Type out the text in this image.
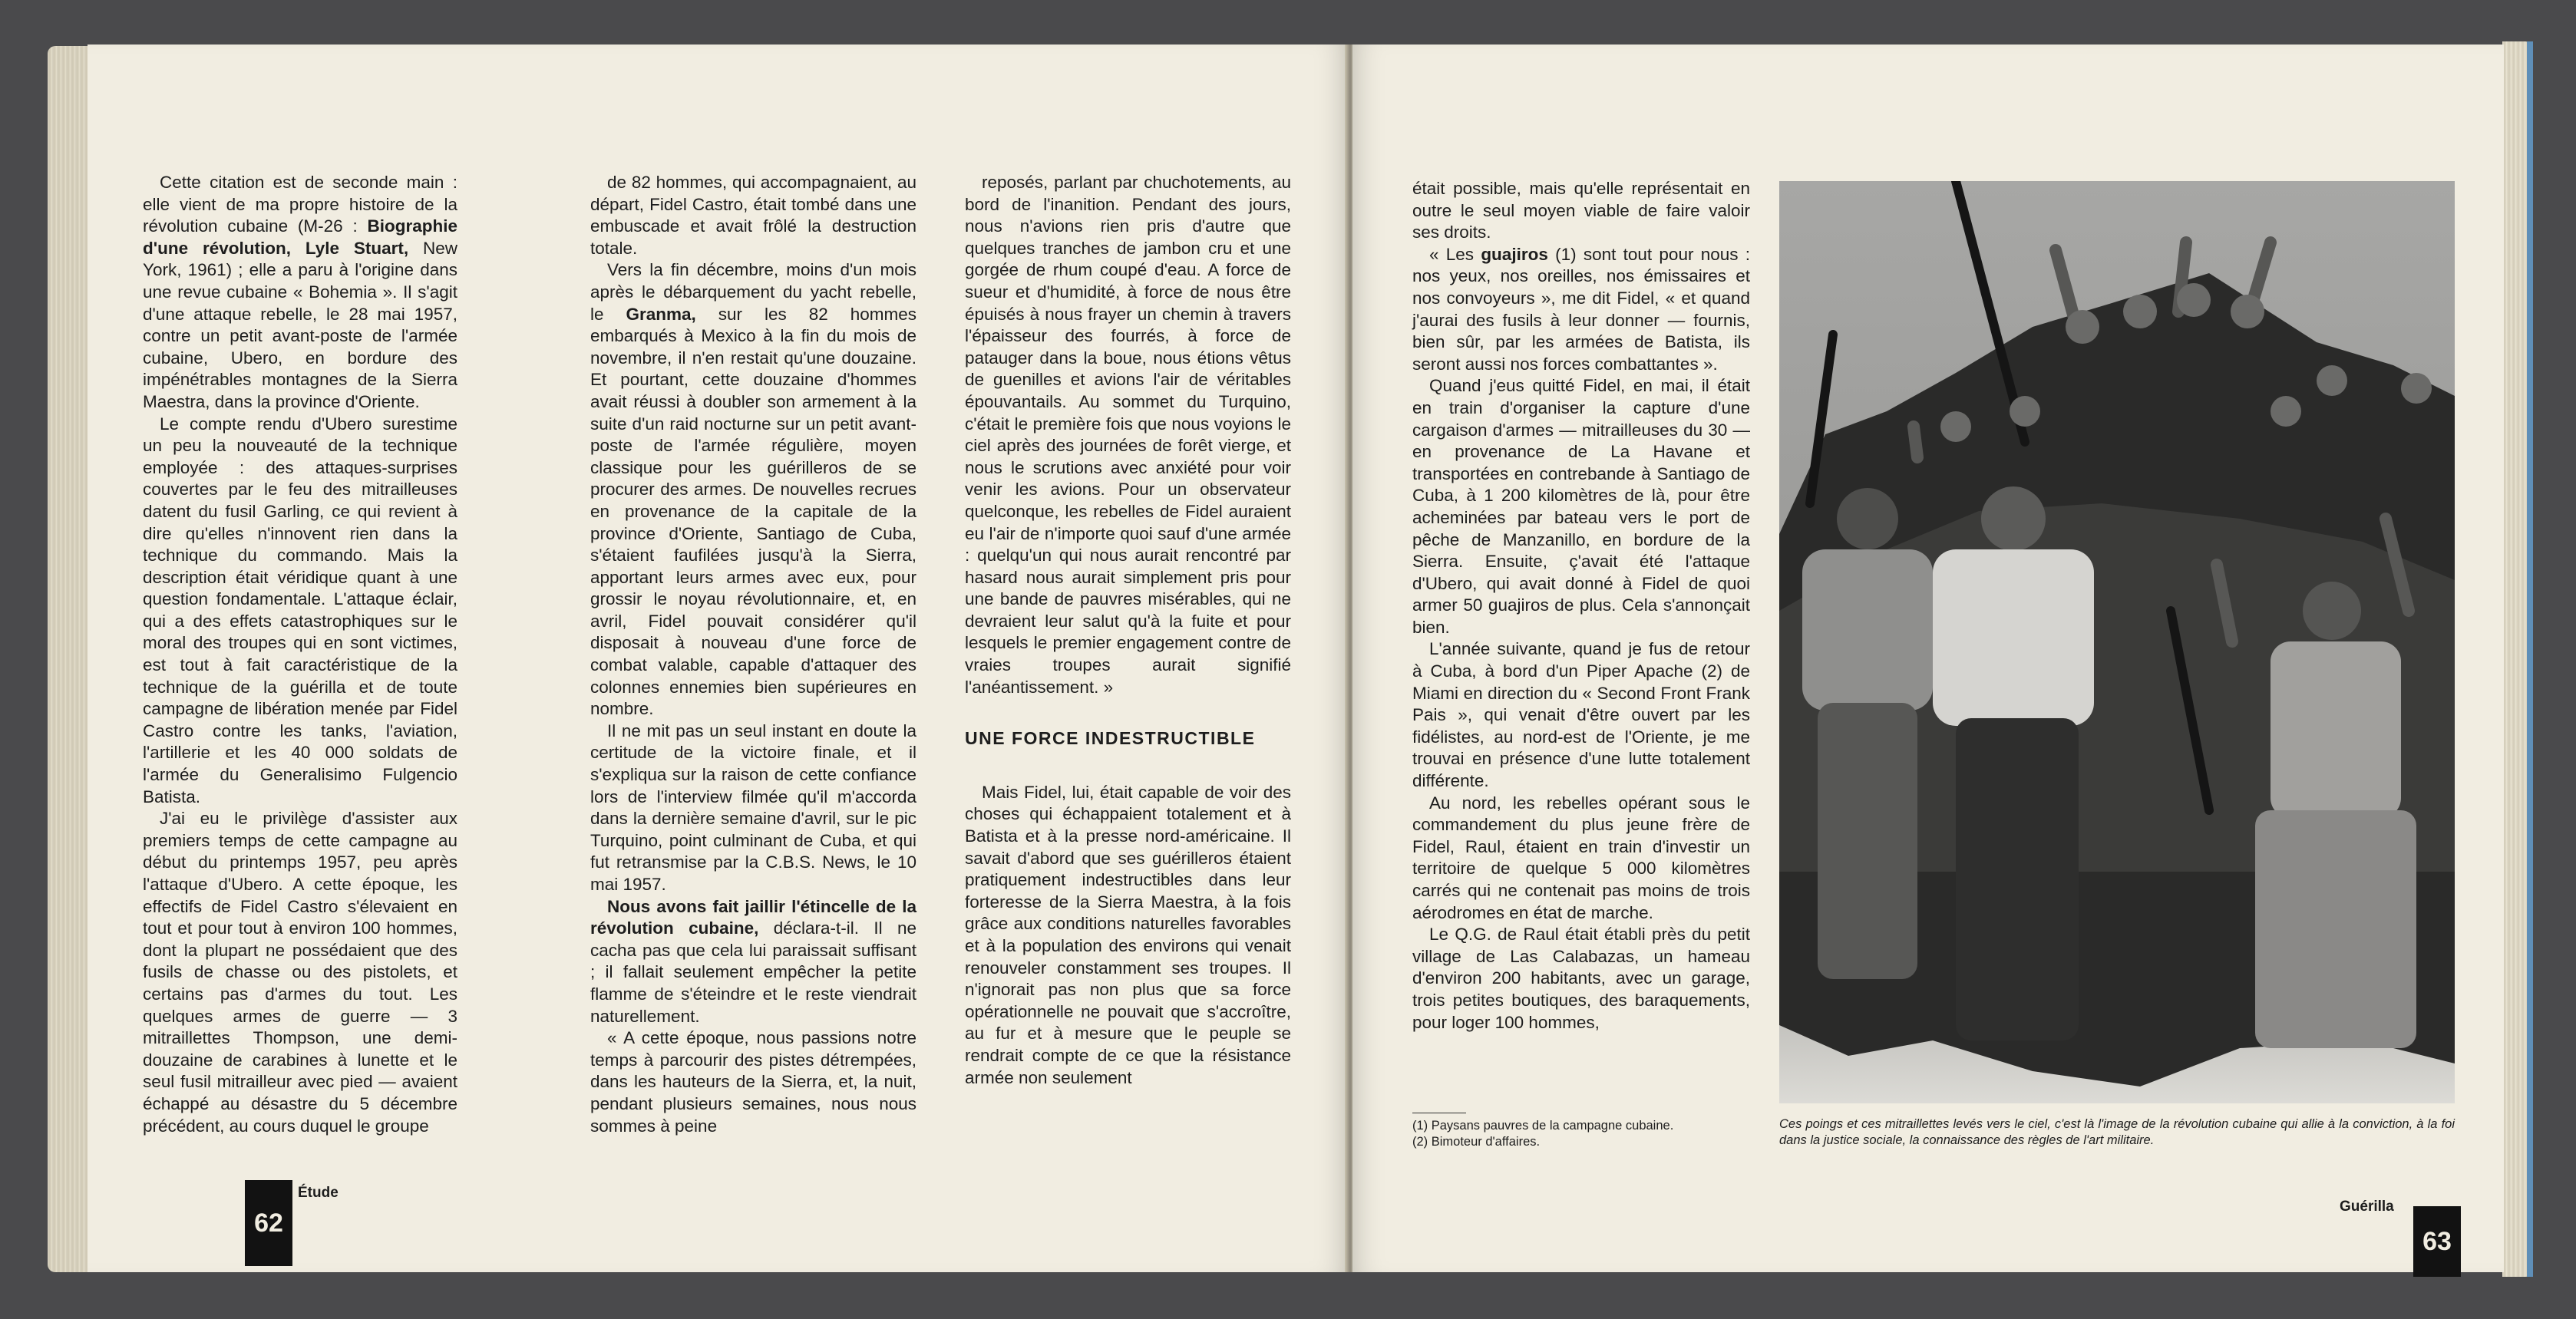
Cette citation est de seconde main : elle vient de ma propre histoire de la révolution cubaine (M-26 : Biographie d'une révolution, Lyle Stuart, New York, 1961) ; elle a paru à l'origine dans une revue cubaine « Bohemia ». Il s'agit d'une attaque rebelle, le 28 mai 1957, contre un petit avant-poste de l'armée cubaine, Ubero, en bordure des impénétrables montagnes de la Sierra Maestra, dans la province d'Oriente.

Le compte rendu d'Ubero surestime un peu la nouveauté de la technique employée : des attaques-surprises couvertes par le feu des mitrailleuses datent du fusil Garling, ce qui revient à dire qu'elles n'innovent rien dans la technique du commando. Mais la description était véridique quant à une question fondamentale. L'attaque éclair, qui a des effets catastrophiques sur le moral des troupes qui en sont victimes, est tout à fait caractéristique de la technique de la guérilla et de toute campagne de libération menée par Fidel Castro contre les tanks, l'aviation, l'artillerie et les 40 000 soldats de l'armée du Generalisimo Fulgencio Batista.

J'ai eu le privilège d'assister aux premiers temps de cette campagne au début du printemps 1957, peu après l'attaque d'Ubero. A cette époque, les effectifs de Fidel Castro s'élevaient en tout et pour tout à environ 100 hommes, dont la plupart ne possédaient que des fusils de chasse ou des pistolets, et certains pas d'armes du tout. Les quelques armes de guerre — 3 mitraillettes Thompson, une demi-douzaine de carabines à lunette et le seul fusil mitrailleur avec pied — avaient échappé au désastre du 5 décembre précédent, au cours duquel le groupe

de 82 hommes, qui accompagnaient, au départ, Fidel Castro, était tombé dans une embuscade et avait frôlé la destruction totale.

Vers la fin décembre, moins d'un mois après le débarquement du yacht rebelle, le Granma, sur les 82 hommes embarqués à Mexico à la fin du mois de novembre, il n'en restait qu'une douzaine. Et pourtant, cette douzaine d'hommes avait réussi à doubler son armement à la suite d'un raid nocturne sur un petit avant-poste de l'armée régulière, moyen classique pour les guérilleros de se procurer des armes. De nouvelles recrues en provenance de la capitale de la province d'Oriente, Santiago de Cuba, s'étaient faufilées jusqu'à la Sierra, apportant leurs armes avec eux, pour grossir le noyau révolutionnaire, et, en avril, Fidel pouvait considérer qu'il disposait à nouveau d'une force de combat valable, capable d'attaquer des colonnes ennemies bien supérieures en nombre.

Il ne mit pas un seul instant en doute la certitude de la victoire finale, et il s'expliqua sur la raison de cette confiance lors de l'interview filmée qu'il m'accorda dans la dernière semaine d'avril, sur le pic Turquino, point culminant de Cuba, et qui fut retransmise par la C.B.S. News, le 10 mai 1957.

Nous avons fait jaillir l'étincelle de la révolution cubaine, déclara-t-il. Il ne cacha pas que cela lui paraissait suffisant ; il fallait seulement empêcher la petite flamme de s'éteindre et le reste viendrait naturellement.

« A cette époque, nous passions notre temps à parcourir des pistes détrempées, dans les hauteurs de la Sierra, et, la nuit, pendant plusieurs semaines, nous nous sommes à peine

reposés, parlant par chuchotements, au bord de l'inanition. Pendant des jours, nous n'avions rien pris d'autre que quelques tranches de jambon cru et une gorgée de rhum coupé d'eau. A force de sueur et d'humidité, à force de nous être épuisés à nous frayer un chemin à travers l'épaisseur des fourrés, à force de patauger dans la boue, nous étions vêtus de guenilles et avions l'air de véritables épouvantails. Au sommet du Turquino, c'était le première fois que nous voyions le ciel après des journées de forêt vierge, et nous le scrutions avec anxiété pour voir venir les avions. Pour un observateur quelconque, les rebelles de Fidel auraient eu l'air de n'importe quoi sauf d'une armée : quelqu'un qui nous aurait rencontré par hasard nous aurait simplement pris pour une bande de pauvres misérables, qui ne devraient leur salut qu'à la fuite et pour lesquels le premier engagement contre de vraies troupes aurait signifié l'anéantissement. »

UNE FORCE INDESTRUCTIBLE

Mais Fidel, lui, était capable de voir des choses qui échappaient totalement et à Batista et à la presse nord-américaine. Il savait d'abord que ses guérilleros étaient pratiquement indestructibles dans leur forteresse de la Sierra Maestra, à la fois grâce aux conditions naturelles favorables et à la population des environs qui venait renouveler constamment ses troupes. Il n'ignorait pas non plus que sa force opérationnelle ne pouvait que s'accroître, au fur et à mesure que le peuple se rendrait compte de ce que la résistance armée non seulement

62
Étude

était possible, mais qu'elle représentait en outre le seul moyen viable de faire valoir ses droits.

« Les guajiros (1) sont tout pour nous : nos yeux, nos oreilles, nos émissaires et nos convoyeurs », me dit Fidel, « et quand j'aurai des fusils à leur donner — fournis, bien sûr, par les armées de Batista, ils seront aussi nos forces combattantes ».

Quand j'eus quitté Fidel, en mai, il était en train d'organiser la capture d'une cargaison d'armes — mitrailleuses du 30 — en provenance de La Havane et transportées en contrebande à Santiago de Cuba, à 1 200 kilomètres de là, pour être acheminées par bateau vers le port de pêche de Manzanillo, en bordure de la Sierra. Ensuite, ç'avait été l'attaque d'Ubero, qui avait donné à Fidel de quoi armer 50 guajiros de plus. Cela s'annonçait bien.

L'année suivante, quand je fus de retour à Cuba, à bord d'un Piper Apache (2) de Miami en direction du « Second Front Frank Pais », qui venait d'être ouvert par les fidélistes, au nord-est de l'Oriente, je me trouvai en présence d'une lutte totalement différente.

Au nord, les rebelles opérant sous le commandement du plus jeune frère de Fidel, Raul, étaient en train d'investir un territoire de quelque 5 000 kilomètres carrés qui ne contenait pas moins de trois aérodromes en état de marche.

Le Q.G. de Raul était établi près du petit village de Las Calabazas, un hameau d'environ 200 habitants, avec un garage, trois petites boutiques, des baraquements, pour loger 100 hommes,

Ces poings et ces mitraillettes levés vers le ciel, c'est là l'image de la révolution cubaine qui allie à la conviction, à la foi dans la justice sociale, la connaissance des règles de l'art militaire.
(1) Paysans pauvres de la campagne cubaine.
(2) Bimoteur d'affaires.
Guérilla
63
